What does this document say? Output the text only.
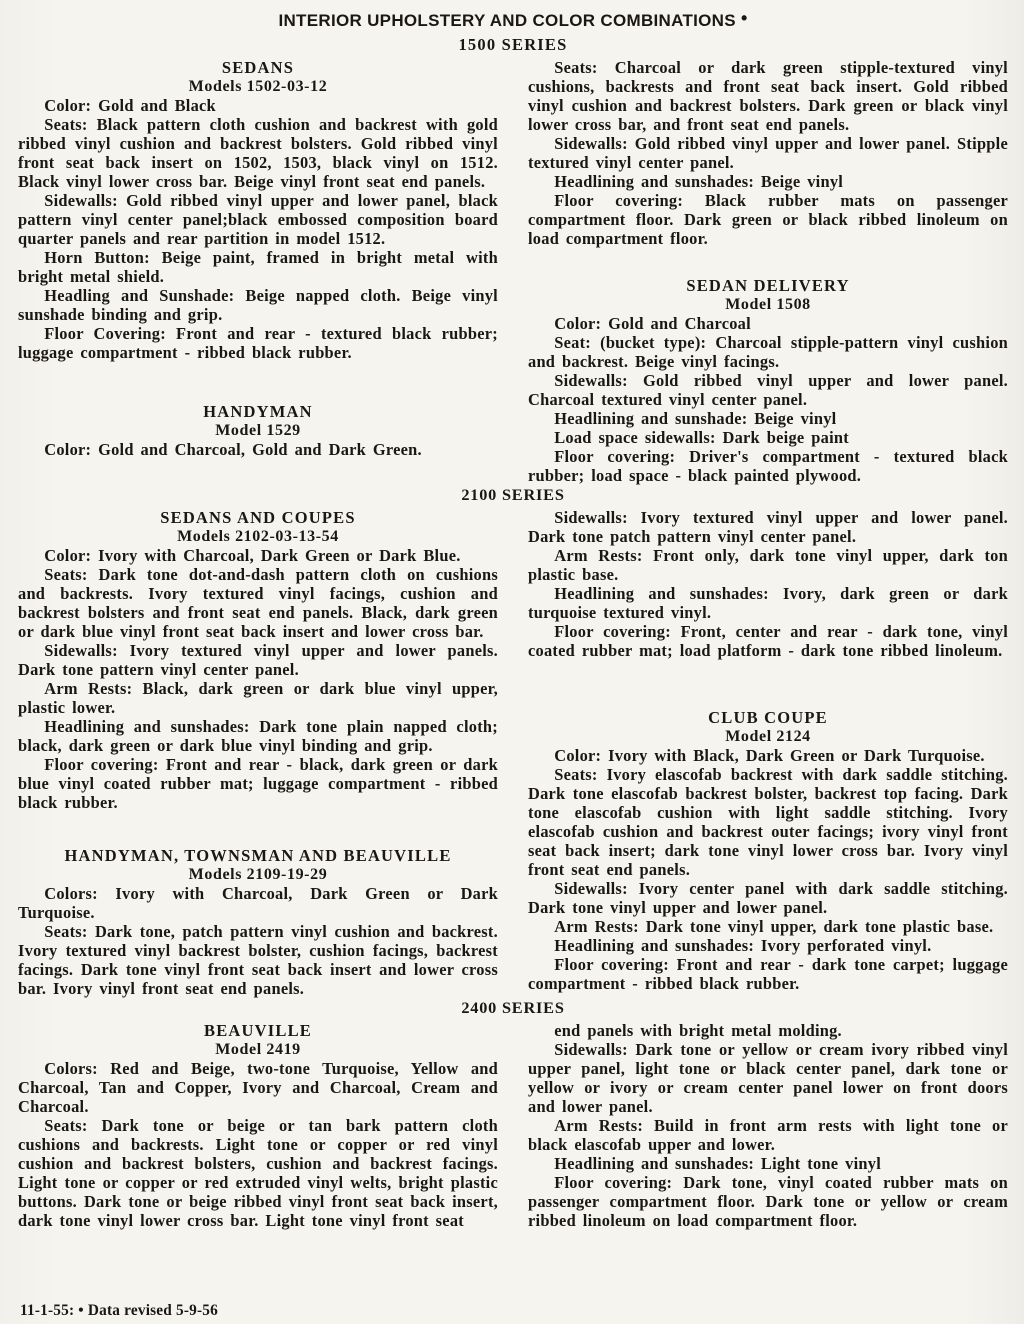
INTERIOR UPHOLSTERY AND COLOR COMBINATIONS •
1500 SERIES
SEDANS
Models 1502-03-12

Color: Gold and Black

Seats: Black pattern cloth cushion and backrest with gold ribbed vinyl cushion and backrest bolsters. Gold ribbed vinyl front seat back insert on 1502, 1503, black vinyl on 1512. Black vinyl lower cross bar. Beige vinyl front seat end panels.

Sidewalls: Gold ribbed vinyl upper and lower panel, black pattern vinyl center panel;black embossed composition board quarter panels and rear partition in model 1512.

Horn Button: Beige paint, framed in bright metal with bright metal shield.

Headling and Sunshade: Beige napped cloth. Beige vinyl sunshade binding and grip.

Floor Covering: Front and rear - textured black rubber; luggage compartment - ribbed black rubber.

HANDYMAN
Model 1529

Color: Gold and Charcoal, Gold and Dark Green.

Seats: Charcoal or dark green stipple-textured vinyl cushions, backrests and front seat back insert. Gold ribbed vinyl cushion and backrest bolsters. Dark green or black vinyl lower cross bar, and front seat end panels.

Sidewalls: Gold ribbed vinyl upper and lower panel. Stipple textured vinyl center panel.

Headlining and sunshades: Beige vinyl

Floor covering: Black rubber mats on passenger compartment floor. Dark green or black ribbed linoleum on load compartment floor.

SEDAN DELIVERY
Model 1508

Color: Gold and Charcoal

Seat: (bucket type): Charcoal stipple-pattern vinyl cushion and backrest. Beige vinyl facings.

Sidewalls: Gold ribbed vinyl upper and lower panel. Charcoal textured vinyl center panel.

Headlining and sunshade: Beige vinyl

Load space sidewalls: Dark beige paint

Floor covering: Driver's compartment - textured black rubber; load space - black painted plywood.

2100 SERIES
SEDANS AND COUPES
Models 2102-03-13-54

Color: Ivory with Charcoal, Dark Green or Dark Blue.

Seats: Dark tone dot-and-dash pattern cloth on cushions and backrests. Ivory textured vinyl facings, cushion and backrest bolsters and front seat end panels. Black, dark green or dark blue vinyl front seat back insert and lower cross bar.

Sidewalls: Ivory textured vinyl upper and lower panels. Dark tone pattern vinyl center panel.

Arm Rests: Black, dark green or dark blue vinyl upper, plastic lower.

Headlining and sunshades: Dark tone plain napped cloth; black, dark green or dark blue vinyl binding and grip.

Floor covering: Front and rear - black, dark green or dark blue vinyl coated rubber mat; luggage compartment - ribbed black rubber.

HANDYMAN, TOWNSMAN AND BEAUVILLE
Models 2109-19-29

Colors: Ivory with Charcoal, Dark Green or Dark Turquoise.

Seats: Dark tone, patch pattern vinyl cushion and backrest. Ivory textured vinyl backrest bolster, cushion facings, backrest facings. Dark tone vinyl front seat back insert and lower cross bar. Ivory vinyl front seat end panels.

Sidewalls: Ivory textured vinyl upper and lower panel. Dark tone patch pattern vinyl center panel.

Arm Rests: Front only, dark tone vinyl upper, dark ton plastic base.

Headlining and sunshades: Ivory, dark green or dark turquoise textured vinyl.

Floor covering: Front, center and rear - dark tone, vinyl coated rubber mat; load platform - dark tone ribbed linoleum.

CLUB COUPE
Model 2124

Color: Ivory with Black, Dark Green or Dark Turquoise.

Seats: Ivory elascofab backrest with dark saddle stitching. Dark tone elascofab backrest bolster, backrest top facing. Dark tone elascofab cushion with light saddle stitching. Ivory elascofab cushion and backrest outer facings; ivory vinyl front seat back insert; dark tone vinyl lower cross bar. Ivory vinyl front seat end panels.

Sidewalls: Ivory center panel with dark saddle stitching. Dark tone vinyl upper and lower panel.

Arm Rests: Dark tone vinyl upper, dark tone plastic base.

Headlining and sunshades: Ivory perforated vinyl.

Floor covering: Front and rear - dark tone carpet; luggage compartment - ribbed black rubber.

2400 SERIES
BEAUVILLE
Model 2419

Colors: Red and Beige, two-tone Turquoise, Yellow and Charcoal, Tan and Copper, Ivory and Charcoal, Cream and Charcoal.

Seats: Dark tone or beige or tan bark pattern cloth cushions and backrests. Light tone or copper or red vinyl cushion and backrest bolsters, cushion and backrest facings. Light tone or copper or red extruded vinyl welts, bright plastic buttons. Dark tone or beige ribbed vinyl front seat back insert, dark tone vinyl lower cross bar. Light tone vinyl front seat

end panels with bright metal molding.

Sidewalls: Dark tone or yellow or cream ivory ribbed vinyl upper panel, light tone or black center panel, dark tone or yellow or ivory or cream center panel lower on front doors and lower panel.

Arm Rests: Build in front arm rests with light tone or black elascofab upper and lower.

Headlining and sunshades: Light tone vinyl

Floor covering: Dark tone, vinyl coated rubber mats on passenger compartment floor. Dark tone or yellow or cream ribbed linoleum on load compartment floor.

11-1-55: • Data revised 5-9-56
